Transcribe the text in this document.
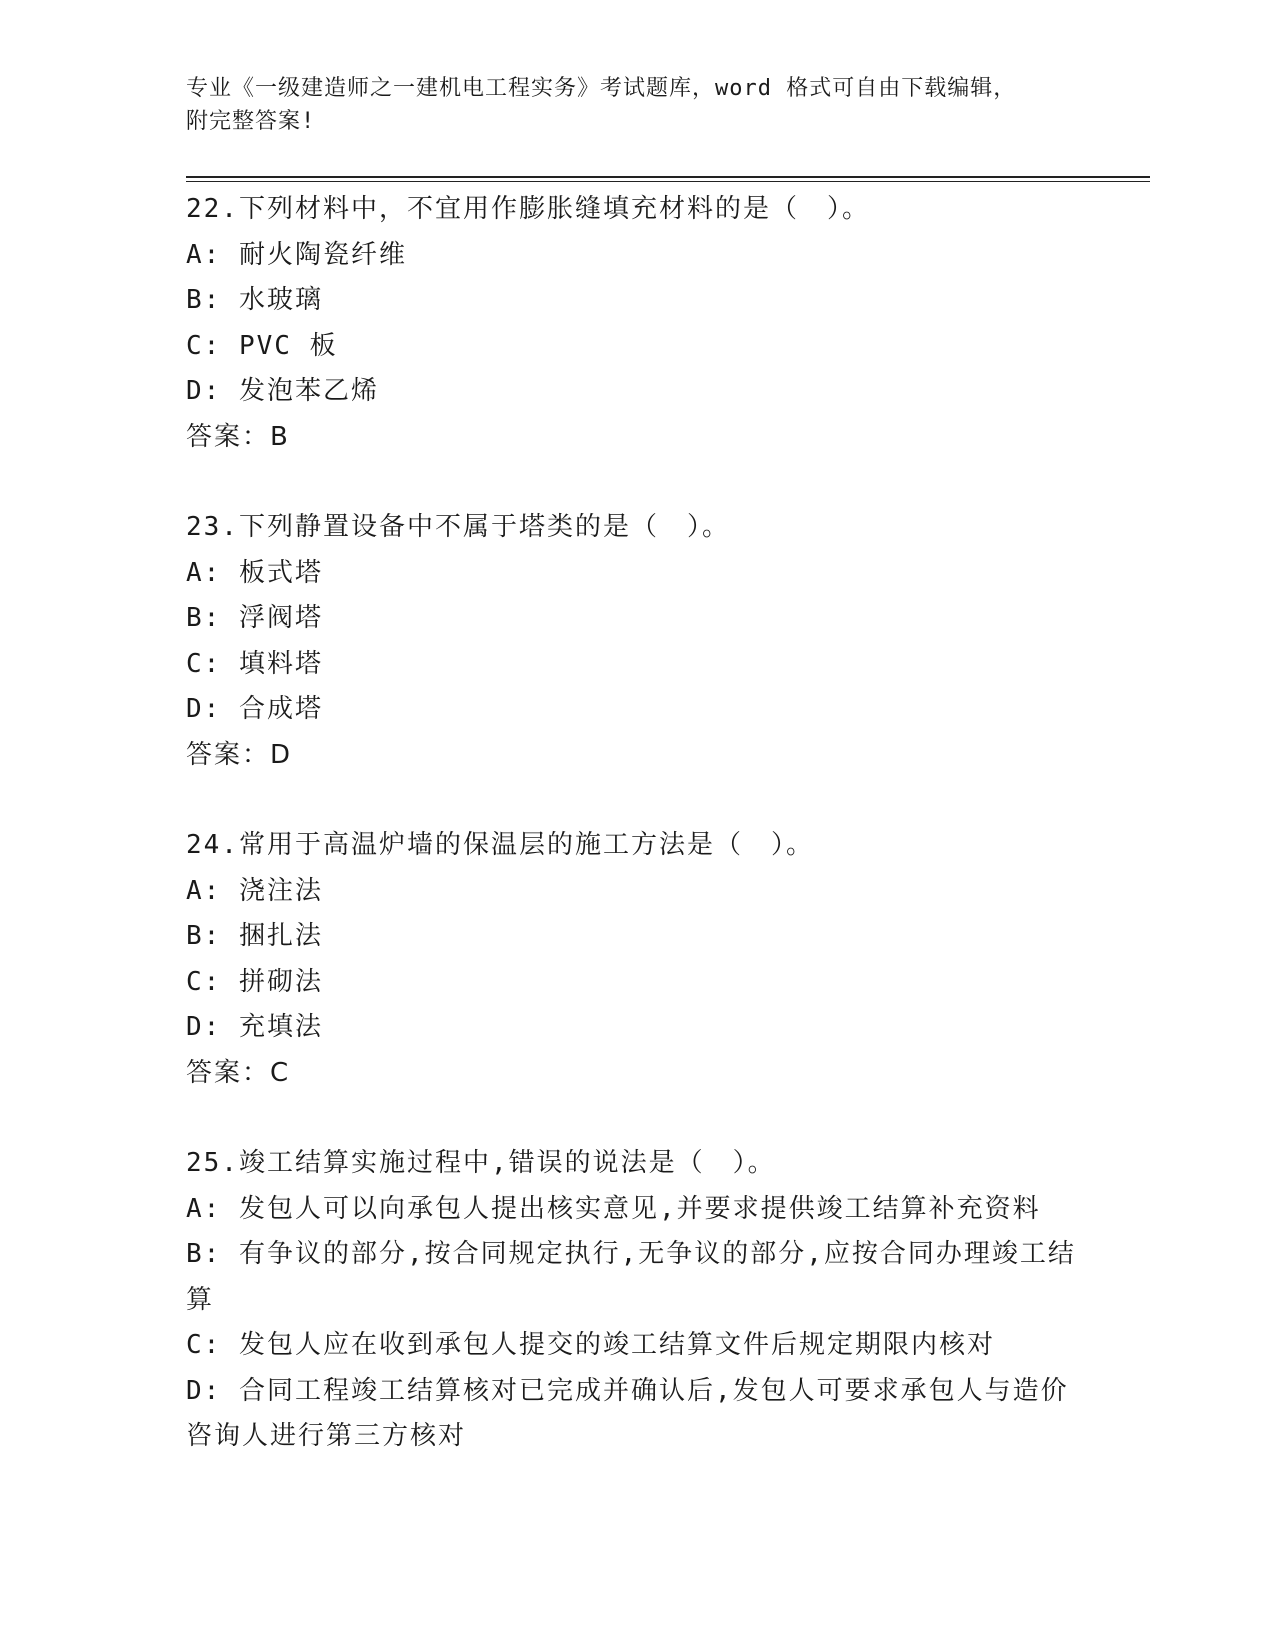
专业《一级建造师之一建机电工程实务》考试题库，word 格式可自由下载编辑，
附完整答案!

22.下列材料中，不宜用作膨胀缝填充材料的是（　）。

A: 耐火陶瓷纤维

B: 水玻璃

C: PVC 板

D: 发泡苯乙烯

答案：B

23.下列静置设备中不属于塔类的是（　）。

A: 板式塔

B: 浮阀塔

C: 填料塔

D: 合成塔

答案：D

24.常用于高温炉墙的保温层的施工方法是（　）。

A: 浇注法

B: 捆扎法

C: 拼砌法

D: 充填法

答案：C

25.竣工结算实施过程中,错误的说法是（　）。

A: 发包人可以向承包人提出核实意见,并要求提供竣工结算补充资料

B: 有争议的部分,按合同规定执行,无争议的部分,应按合同办理竣工结算

C: 发包人应在收到承包人提交的竣工结算文件后规定期限内核对

D: 合同工程竣工结算核对已完成并确认后,发包人可要求承包人与造价咨询人进行第三方核对
